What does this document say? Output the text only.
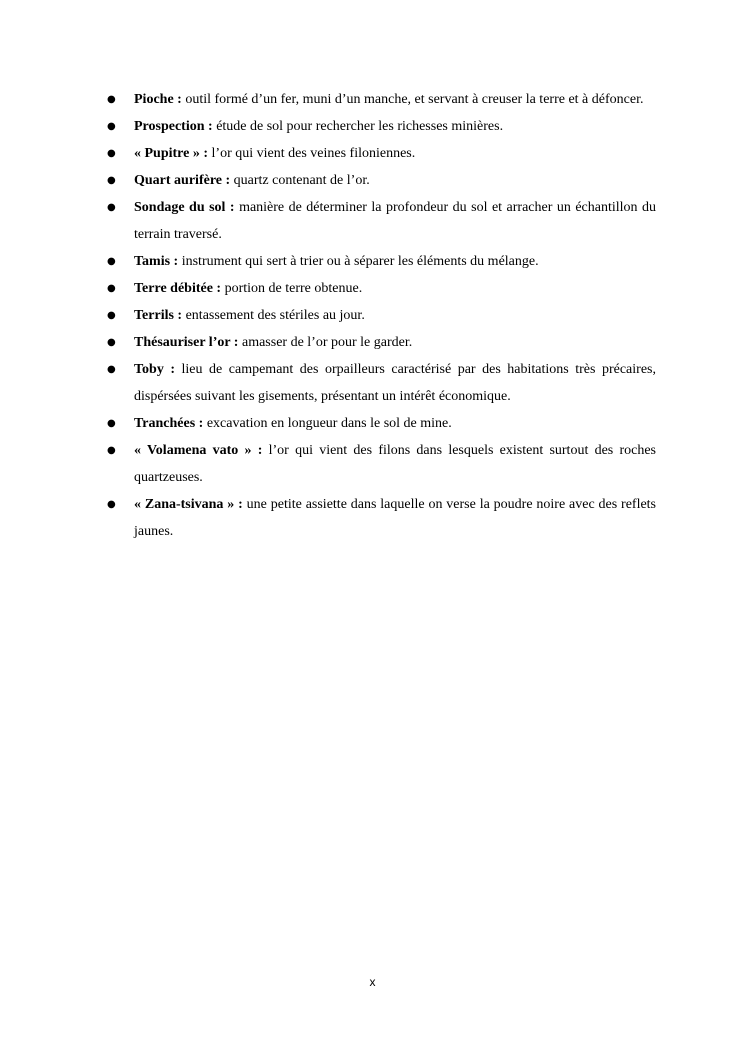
● Pioche : outil formé d’un fer, muni d’un manche, et servant à creuser la terre et à défoncer.
● Prospection : étude de sol pour rechercher les richesses minières.
● « Pupitre » : l’or qui vient des veines filoniennes.
● Quart aurifère : quartz contenant de l’or.
● Sondage du sol : manière de déterminer la profondeur du sol et arracher un échantillon du terrain traversé.
● Tamis : instrument qui sert à trier ou à séparer les éléments du mélange.
● Terre débitée : portion de terre obtenue.
● Terrils : entassement des stériles au jour.
● Thésauriser l’or : amasser de l’or pour le garder.
● Toby : lieu de campemant des orpailleurs caractérisé par des habitations très précaires, dispérsées suivant les gisements, présentant un intérêt économique.
● Tranchées : excavation en longueur dans le sol de mine.
● « Volamena vato » : l’or qui vient des filons dans lesquels existent surtout des roches quartzeuses.
● « Zana-tsivana » : une petite assiette dans laquelle on verse la poudre noire avec des reflets jaunes.
x
